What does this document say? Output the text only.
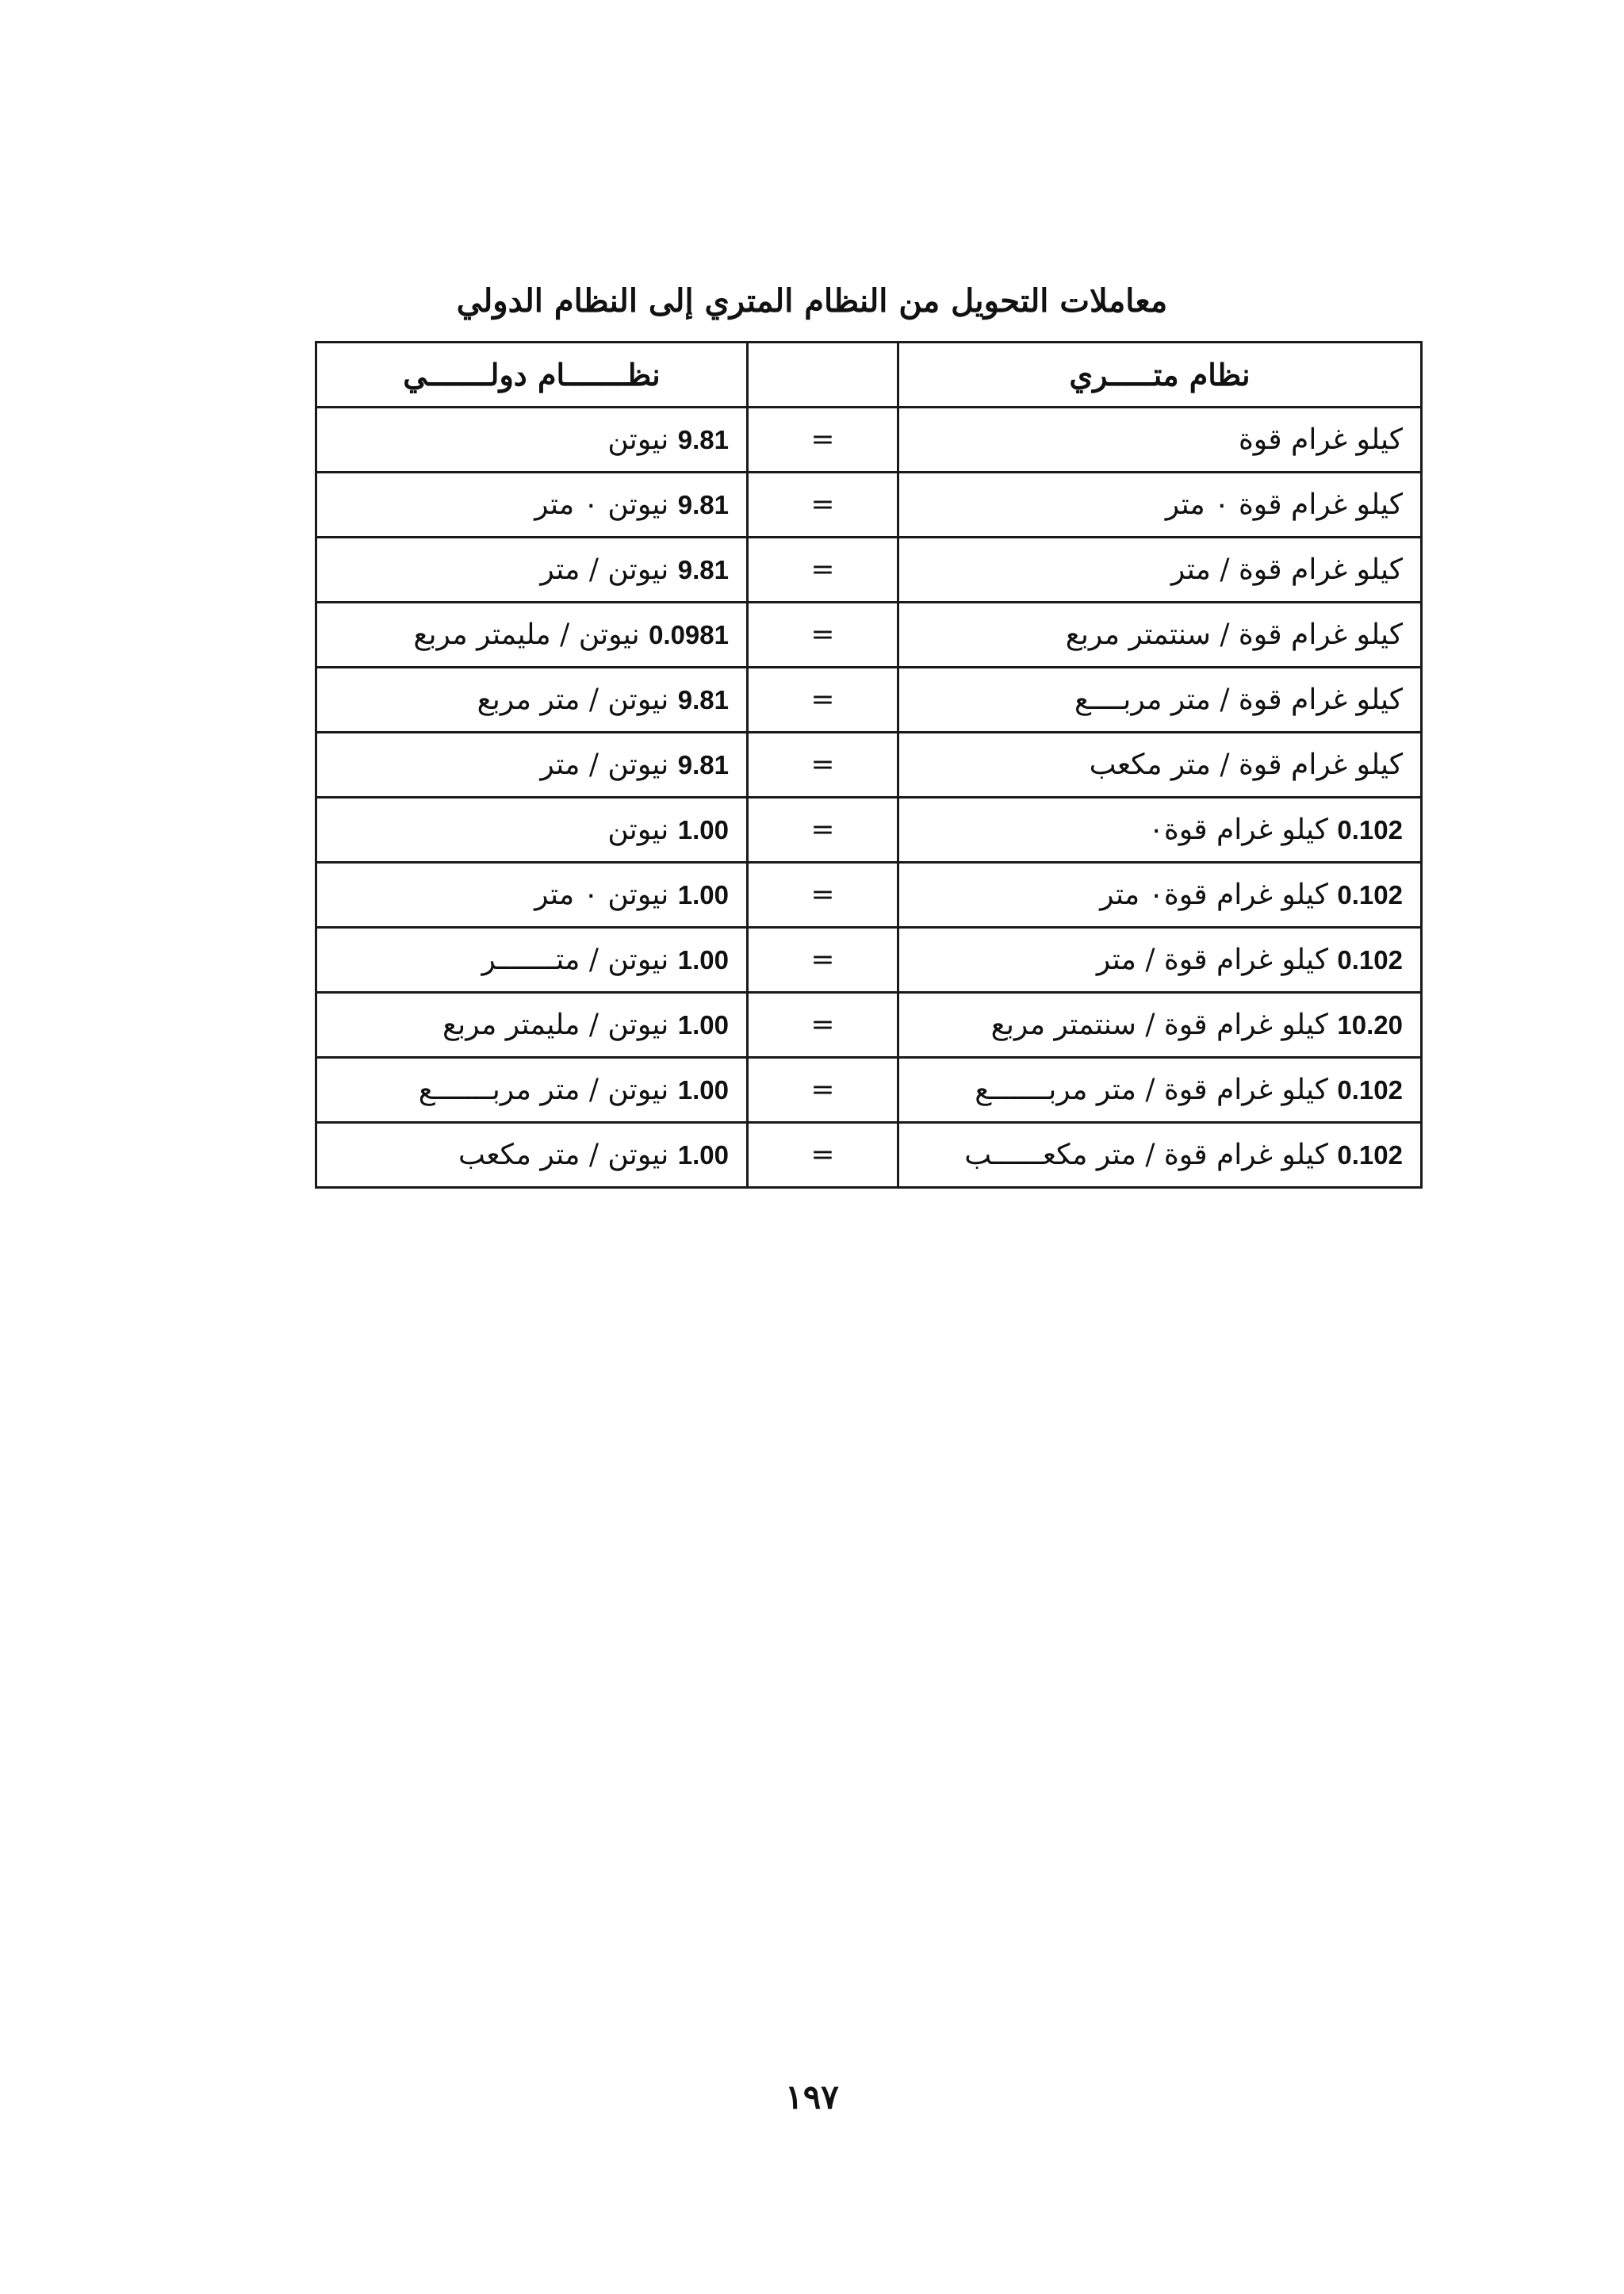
معاملات التحويل من النظام المتري إلى النظام الدولي
نظام متـــــري		نظـــــــام دولـــــــي
كيلو غرام قوة	=	9.81 نيوتن
كيلو غرام قوة ٠ متر	=	9.81 نيوتن ٠ متر
كيلو غرام قوة / متر	=	9.81 نيوتن / متر
كيلو غرام قوة / سنتمتر مربع	=	0.0981 نيوتن / مليمتر مربع
كيلو غرام قوة / متر مربــــع	=	9.81 نيوتن / متر مربع
كيلو غرام قوة / متر مكعب	=	9.81 نيوتن / متر
0.102 كيلو غرام قوة٠	=	1.00 نيوتن
0.102 كيلو غرام قوة٠ متر	=	1.00 نيوتن ٠ متر
0.102 كيلو غرام قوة / متر	=	1.00 نيوتن / متـــــــر
10.20 كيلو غرام قوة / سنتمتر مربع	=	1.00 نيوتن / مليمتر مربع
0.102 كيلو غرام قوة / متر مربـــــــع	=	1.00 نيوتن / متر مربـــــــع
0.102 كيلو غرام قوة / متر مكعــــــب	=	1.00 نيوتن / متر مكعب
١٩٧
